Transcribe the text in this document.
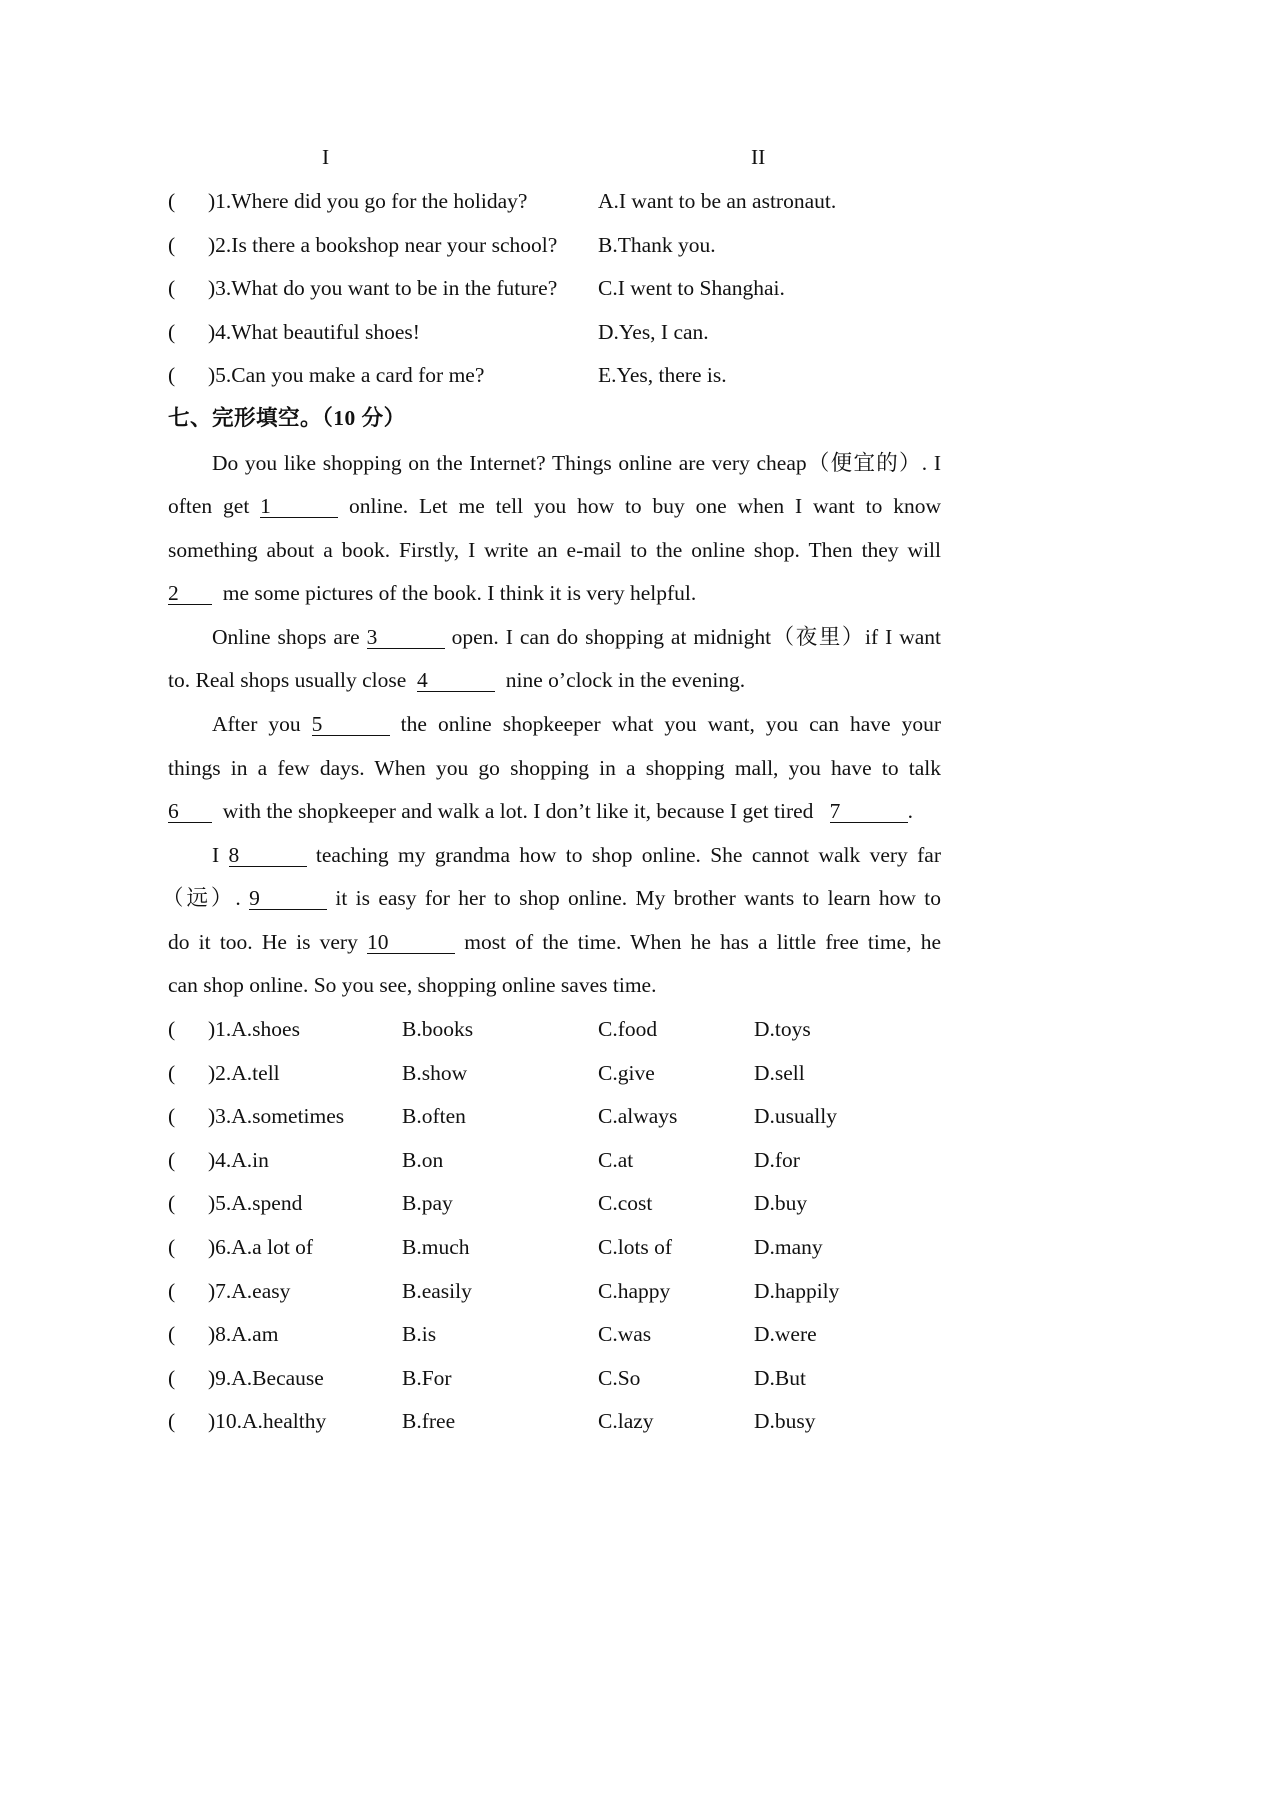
I	II
( )1.Where did you go for the holiday?	A.I want to be an astronaut.
( )2.Is there a bookshop near your school? B.Thank you.
( )3.What do you want to be in the future? C.I went to Shanghai.
( )4.What beautiful shoes!	D.Yes, I can.
( )5.Can you make a card for me?	E.Yes, there is.
七、完形填空。（10 分）
Do you like shopping on the Internet? Things online are very cheap（便宜的）. I
often get 1	online. Let me tell you how to buy one when I want to know
something about a book. Firstly, I write an e-mail to the online shop. Then they will
2 me some pictures of the book. I think it is very helpful.
Online shops are 3	open. I can do shopping at midnight（夜里）if I want
to. Real shops usually close 4	nine o’clock in the evening.
After you 5	the online shopkeeper what you want, you can have your
things in a few days. When you go shopping in a shopping mall, you have to talk
6 with the shopkeeper and walk a lot. I don’t like it, because I get tired 7	.
I 8	teaching my grandma how to shop online. She cannot walk very far
（远）. 9	it is easy for her to shop online. My brother wants to learn how to
do it too. He is very 10	most of the time. When he has a little free time, he
can shop online. So you see, shopping online saves time.
( )1.A.shoes	B.books	C.food	D.toys
( )2.A.tell	B.show	C.give	D.sell
( )3.A.sometimes	B.often	C.always	D.usually
( )4.A.in	B.on	C.at	D.for
( )5.A.spend	B.pay	C.cost	D.buy
( )6.A.a lot of	B.much	C.lots of	D.many
( )7.A.easy	B.easily	C.happy	D.happily
( )8.A.am	B.is	C.was	D.were
( )9.A.Because	B.For	C.So	D.But
( )10.A.healthy	B.free	C.lazy	D.busy
